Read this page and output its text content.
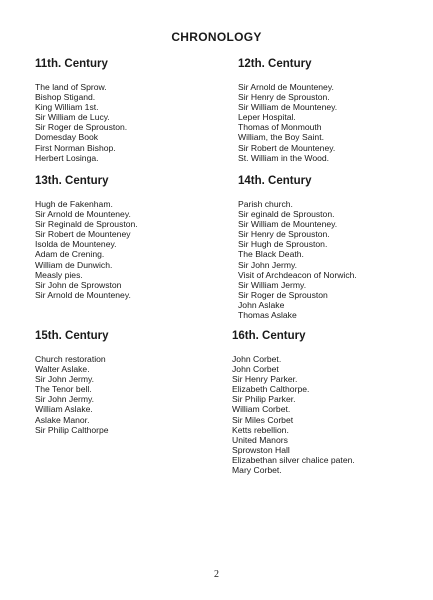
CHRONOLOGY
11th. Century
The land of Sprow.
Bishop Stigand.
King William 1st.
Sir William de Lucy.
Sir Roger de Sprouston.
Domesday Book
First Norman Bishop.
Herbert Losinga.
12th. Century
Sir Arnold de Mounteney.
Sir Henry de Sprouston.
Sir William de Mounteney.
Leper Hospital.
Thomas of Monmouth
William, the Boy Saint.
Sir Robert de Mounteney.
St. William in the Wood.
13th. Century
Hugh de Fakenham.
Sir Arnold de Mounteney.
Sir Reginald de Sprouston.
Sir Robert de Mounteney
Isolda de Mounteney.
Adam de Crening.
William de Dunwich.
Measly pies.
Sir John de Sprowston
Sir Arnold de Mounteney.
14th. Century
Parish church.
Sir eginald de Sprouston.
Sir William de Mounteney.
Sir Henry de Sprouston.
Sir Hugh de Sprouston.
The Black Death.
Sir John Jermy.
Visit of Archdeacon of Norwich.
Sir William Jermy.
Sir Roger de Sprouston
John Aslake
Thomas Aslake
15th. Century
Church restoration
Walter Aslake.
Sir John Jermy.
The Tenor bell.
Sir John Jermy.
William Aslake.
Aslake Manor.
Sir Philip Calthorpe
16th. Century
John Corbet.
John Corbet
Sir Henry Parker.
Elizabeth Calthorpe.
Sir Philip Parker.
William Corbet.
Sir Miles Corbet
Ketts rebellion.
United Manors
Sprowston Hall
Elizabethan silver chalice paten.
Mary Corbet.
2
